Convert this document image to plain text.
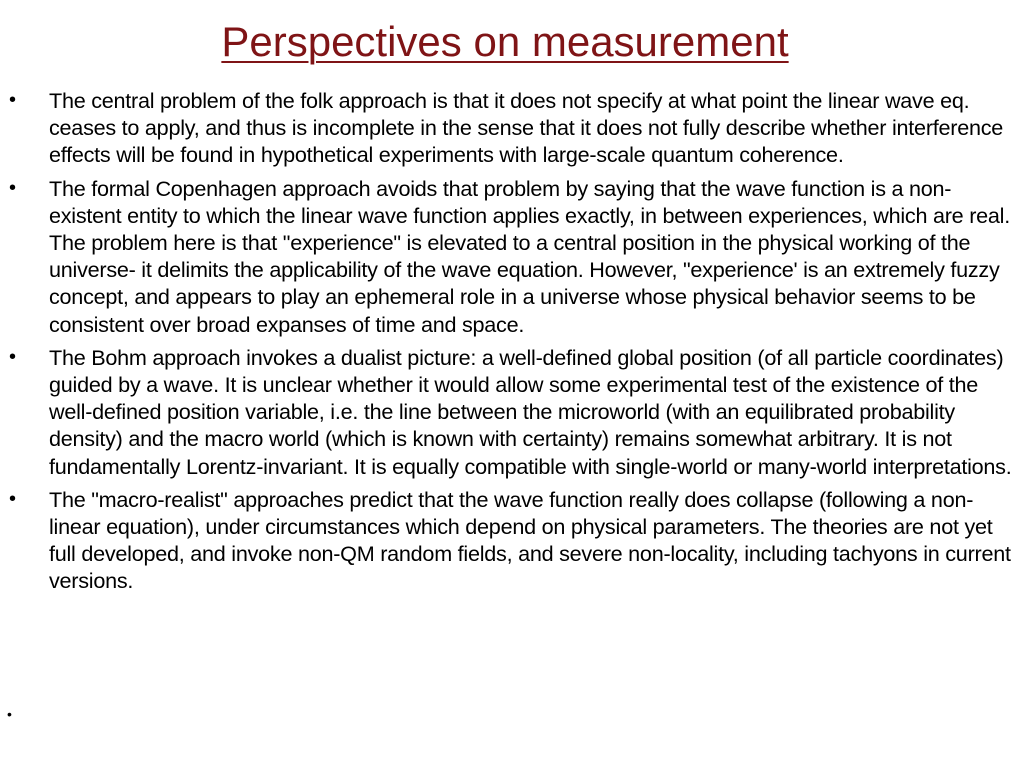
Perspectives on measurement
• The central problem of the folk approach is that it does not specify at what point the linear wave eq. ceases to apply, and thus is incomplete in the sense that it does not fully describe whether interference effects will be found in hypothetical experiments with large-scale quantum coherence.
• The formal Copenhagen approach avoids that problem by saying that the wave function is a non-existent entity to which the linear wave function applies exactly, in between experiences, which are real. The problem here is that "experience" is elevated to a central position in the physical working of the universe- it delimits the applicability of the wave equation. However, "experience' is an extremely fuzzy concept, and appears to play an ephemeral role in a universe whose physical behavior seems to be consistent over broad expanses of time and space.
• The Bohm approach invokes a dualist picture: a well-defined global position (of all particle coordinates) guided by a wave. It is unclear whether it would allow some experimental test of the existence of the well-defined position variable, i.e. the line between the microworld (with an equilibrated probability density) and the macro world (which is known with certainty) remains somewhat arbitrary. It is not fundamentally Lorentz-invariant. It is equally compatible with single-world or many-world interpretations.
• The "macro-realist" approaches predict that the wave function really does collapse (following a non-linear equation), under circumstances which depend on physical parameters. The theories are not yet full developed, and invoke non-QM random fields, and severe non-locality, including tachyons in current versions.
•
